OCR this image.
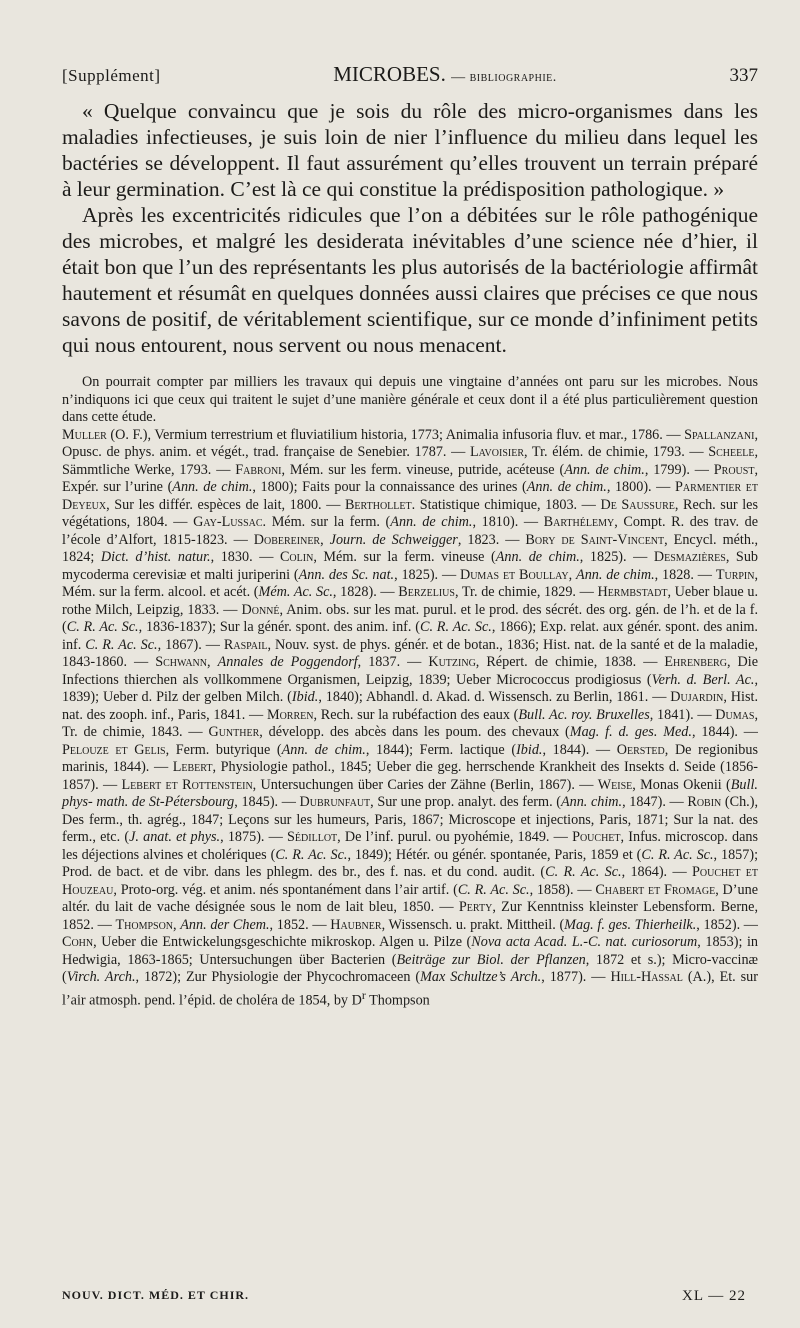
[Supplément]	MICROBES. — bibliographie.	337

« Quelque convaincu que je sois du rôle des micro-organismes dans les maladies infectieuses, je suis loin de nier l’influence du milieu dans lequel les bactéries se développent. Il faut assurément qu’elles trouvent un terrain préparé à leur germination. C’est là ce qui constitue la prédisposition pathologique. »

Après les excentricités ridicules que l’on a débitées sur le rôle pathogénique des microbes, et malgré les desiderata inévitables d’une science née d’hier, il était bon que l’un des représentants les plus autorisés de la bactériologie affirmât hautement et résumât en quelques données aussi claires que précises ce que nous savons de positif, de véritablement scientifique, sur ce monde d’infiniment petits qui nous entourent, nous servent ou nous menacent.

On pourrait compter par milliers les travaux qui depuis une vingtaine d’années ont paru sur les microbes. Nous n’indiquons ici que ceux qui traitent le sujet d’une manière générale et ceux dont il a été plus particulièrement question dans cette étude.

Muller (O. F.), Vermium terrestrium et fluviatilium historia, 1773; Animalia infusoria fluv. et mar., 1786. — Spallanzani, Opusc. de phys. anim. et végét., trad. française de Senebier. 1787. — Lavoisier, Tr. élém. de chimie, 1793. — Scheele, Sämmtliche Werke, 1793. — Fabroni, Mém. sur les ferm. vineuse, putride, acéteuse (Ann. de chim., 1799). — Proust, Expér. sur l’urine (Ann. de chim., 1800); Faits pour la connaissance des urines (Ann. de chim., 1800). — Parmentier et Deyeux, Sur les différ. espèces de lait, 1800. — Berthollet. Statistique chimique, 1803. — De Saussure, Rech. sur les végétations, 1804. — Gay-Lussac. Mém. sur la ferm. (Ann. de chim., 1810). — Barthélemy, Compt. R. des trav. de l’école d’Alfort, 1815-1823. — Dobereiner, Journ. de Schweigger, 1823. — Bory de Saint-Vincent, Encycl. méth., 1824; Dict. d’hist. natur., 1830. — Colin, Mém. sur la ferm. vineuse (Ann. de chim., 1825). — Desmazières, Sub mycoderma cerevisiæ et malti juriperini (Ann. des Sc. nat., 1825). — Dumas et Boullay, Ann. de chim., 1828. — Turpin, Mém. sur la ferm. alcool. et acét. (Mém. Ac. Sc., 1828). — Berzelius, Tr. de chimie, 1829. — Hermbstadt, Ueber blaue u. rothe Milch, Leipzig, 1833. — Donné, Anim. obs. sur les mat. purul. et le prod. des sécrét. des org. gén. de l’h. et de la f. (C. R. Ac. Sc., 1836-1837); Sur la génér. spont. des anim. inf. (C. R. Ac. Sc., 1866); Exp. relat. aux génér. spont. des anim. inf. C. R. Ac. Sc., 1867). — Raspail, Nouv. syst. de phys. génér. et de botan., 1836; Hist. nat. de la santé et de la maladie, 1843-1860. — Schwann, Annales de Poggendorf, 1837. — Kutzing, Répert. de chimie, 1838. — Ehrenberg, Die Infections thierchen als vollkommene Organismen, Leipzig, 1839; Ueber Micrococcus prodigiosus (Verh. d. Berl. Ac., 1839); Ueber d. Pilz der gelben Milch. (Ibid., 1840); Abhandl. d. Akad. d. Wissensch. zu Berlin, 1861. — Dujardin, Hist. nat. des zooph. inf., Paris, 1841. — Morren, Rech. sur la rubéfaction des eaux (Bull. Ac. roy. Bruxelles, 1841). — Dumas, Tr. de chimie, 1843. — Gunther, développ. des abcès dans les poum. des chevaux (Mag. f. d. ges. Med., 1844). — Pelouze et Gelis, Ferm. butyrique (Ann. de chim., 1844); Ferm. lactique (Ibid., 1844). — Oersted, De regionibus marinis, 1844). — Lebert, Physiologie pathol., 1845; Ueber die geg. herrschende Krankheit des Insekts d. Seide (1856-1857). — Lebert et Rottenstein, Untersuchungen über Caries der Zähne (Berlin, 1867). — Weise, Monas Okenii (Bull. phys- math. de St-Pétersbourg, 1845). — Dubrunfaut, Sur une prop. analyt. des ferm. (Ann. chim., 1847). — Robin (Ch.), Des ferm., th. agrég., 1847; Leçons sur les humeurs, Paris, 1867; Microscope et injections, Paris, 1871; Sur la nat. des ferm., etc. (J. anat. et phys., 1875). — Sédillot, De l’inf. purul. ou pyohémie, 1849. — Pouchet, Infus. microscop. dans les déjections alvines et cholériques (C. R. Ac. Sc., 1849); Hétér. ou génér. spontanée, Paris, 1859 et (C. R. Ac. Sc., 1857); Prod. de bact. et de vibr. dans les phlegm. des br., des f. nas. et du cond. audit. (C. R. Ac. Sc., 1864). — Pouchet et Houzeau, Proto-org. vég. et anim. nés spontanément dans l’air artif. (C. R. Ac. Sc., 1858). — Chabert et Fromage, D’une altér. du lait de vache désignée sous le nom de lait bleu, 1850. — Perty, Zur Kenntniss kleinster Lebensform. Berne, 1852. — Thompson, Ann. der Chem., 1852. — Haubner, Wissensch. u. prakt. Mittheil. (Mag. f. ges. Thierheilk., 1852). — Cohn, Ueber die Entwickelungsgeschichte mikroskop. Algen u. Pilze (Nova acta Acad. L.-C. nat. curiosorum, 1853); in Hedwigia, 1863-1865; Untersuchungen über Bacterien (Beiträge zur Biol. der Pflanzen, 1872 et s.); Micro-vaccinæ (Virch. Arch., 1872); Zur Physiologie der Phycochromaceen (Max Schultze’s Arch., 1877). — Hill-Hassal (A.), Et. sur l’air atmosph. pend. l’épid. de choléra de 1854, by $D^r$ Thompson

NOUV. DICT. MÉD. ET CHIR.	XL — 22
